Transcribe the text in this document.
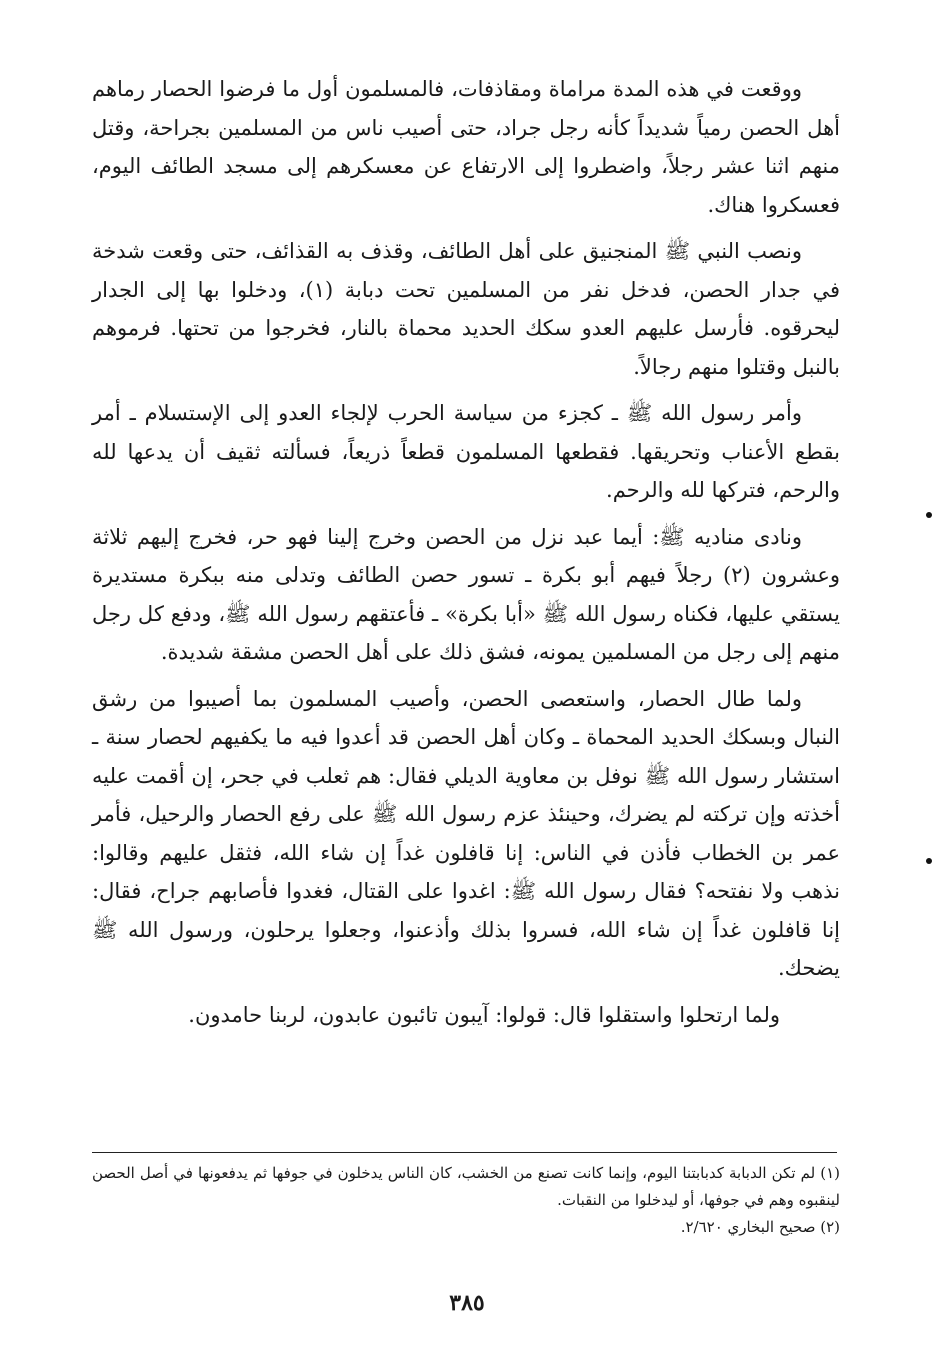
ووقعت في هذه المدة مراماة ومقاذفات، فالمسلمون أول ما فرضوا الحصار رماهم أهل الحصن رمياً شديداً كأنه رجل جراد، حتى أصيب ناس من المسلمين بجراحة، وقتل منهم اثنا عشر رجلاً، واضطروا إلى الارتفاع عن معسكرهم إلى مسجد الطائف اليوم، فعسكروا هناك.

ونصب النبي ﷺ المنجنيق على أهل الطائف، وقذف به القذائف، حتى وقعت شدخة في جدار الحصن، فدخل نفر من المسلمين تحت دبابة (١)، ودخلوا بها إلى الجدار ليحرقوه. فأرسل عليهم العدو سكك الحديد محماة بالنار، فخرجوا من تحتها. فرموهم بالنبل وقتلوا منهم رجالاً.

وأمر رسول الله ﷺ ـ كجزء من سياسة الحرب لإلجاء العدو إلى الإستسلام ـ أمر بقطع الأعناب وتحريقها. فقطعها المسلمون قطعاً ذريعاً، فسألته ثقيف أن يدعها لله والرحم، فتركها لله والرحم.

ونادى مناديه ﷺ: أيما عبد نزل من الحصن وخرج إلينا فهو حر، فخرج إليهم ثلاثة وعشرون (٢) رجلاً فيهم أبو بكرة ـ تسور حصن الطائف وتدلى منه ببكرة مستديرة يستقي عليها، فكناه رسول الله ﷺ «أبا بكرة» ـ فأعتقهم رسول الله ﷺ، ودفع كل رجل منهم إلى رجل من المسلمين يمونه، فشق ذلك على أهل الحصن مشقة شديدة.

ولما طال الحصار، واستعصى الحصن، وأصيب المسلمون بما أصيبوا من رشق النبال وبسكك الحديد المحماة ـ وكان أهل الحصن قد أعدوا فيه ما يكفيهم لحصار سنة ـ استشار رسول الله ﷺ نوفل بن معاوية الديلي فقال: هم ثعلب في جحر، إن أقمت عليه أخذته وإن تركته لم يضرك، وحينئذ عزم رسول الله ﷺ على رفع الحصار والرحيل، فأمر عمر بن الخطاب فأذن في الناس: إنا قافلون غداً إن شاء الله، فثقل عليهم وقالوا: نذهب ولا نفتحه؟ فقال رسول الله ﷺ: اغدوا على القتال، فغدوا فأصابهم جراح، فقال: إنا قافلون غداً إن شاء الله، فسروا بذلك وأذعنوا، وجعلوا يرحلون، ورسول الله ﷺ يضحك.

ولما ارتحلوا واستقلوا قال: قولوا: آيبون تائبون عابدون، لربنا حامدون.

(١) لم تكن الدبابة كدبابتنا اليوم، وإنما كانت تصنع من الخشب، كان الناس يدخلون في جوفها ثم يدفعونها في أصل الحصن لينقبوه وهم في جوفها، أو ليدخلوا من النقبات.

(٢) صحيح البخاري ٢/٦٢٠.

٣٨٥
